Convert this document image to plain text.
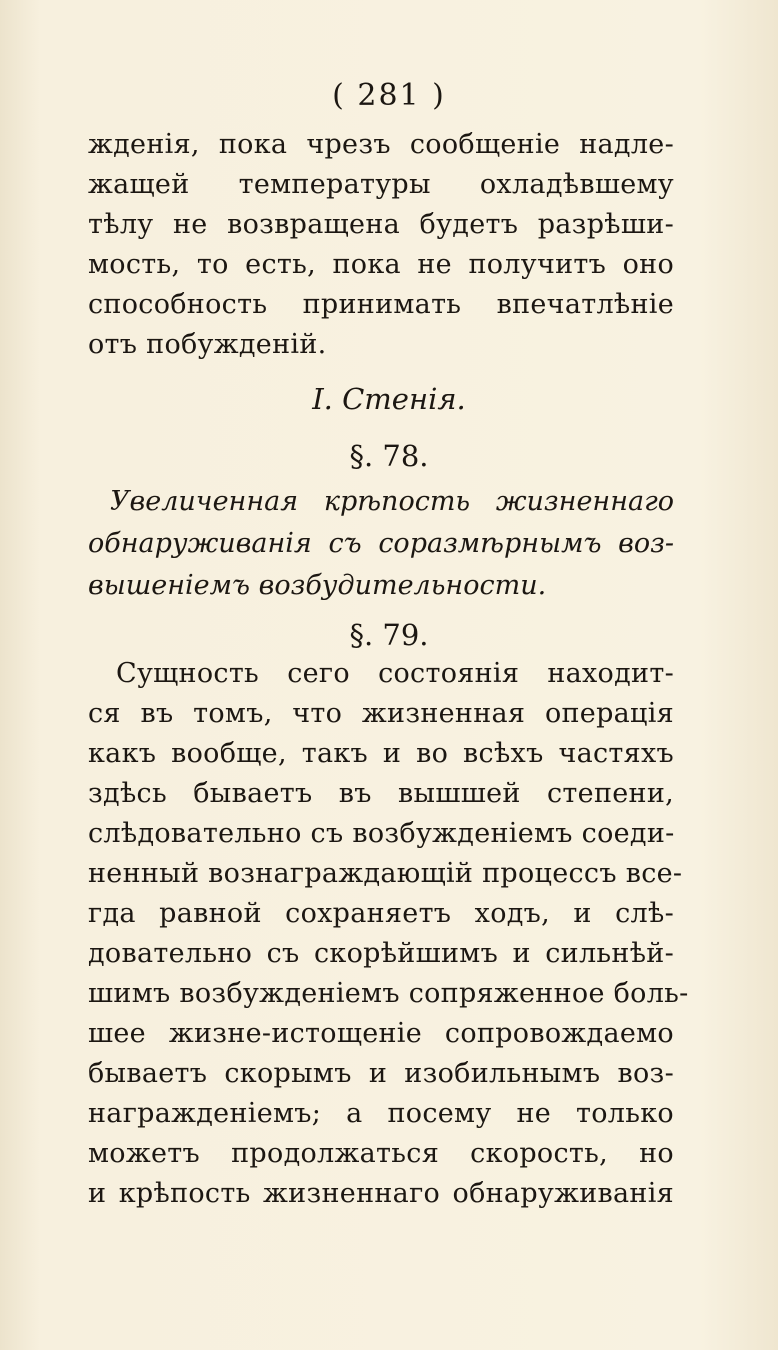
( 281 )
жденія, пока чрезъ сообщеніе надле-
жащей температуры охладѣвшему
тѣлу не возвращена будетъ разрѣши-
мость, то есть, пока не получитъ оно
способность принимать впечатлѣніе
отъ побужденій.
I. Стенія.
§. 78.
Увеличенная крѣпость жизненнаго
обнаруживанія съ соразмѣрнымъ воз-
вышеніемъ возбудительности.
§. 79.
Сущность сего состоянія находит-
ся въ томъ, что жизненная операція
какъ вообще, такъ и во всѣхъ частяхъ
здѣсь бываетъ въ вышшей степени,
слѣдовательно съ возбужденіемъ соеди-
ненный вознаграждающій процессъ все-
гда равной сохраняетъ ходъ, и слѣ-
довательно съ скорѣйшимъ и сильнѣй-
шимъ возбужденіемъ сопряженное боль-
шее жизне-истощеніе сопровождаемо
бываетъ скорымъ и изобильнымъ воз-
награжденіемъ; а посему не только
можетъ продолжаться скорость, но
и крѣпость жизненнаго обнаруживанія
